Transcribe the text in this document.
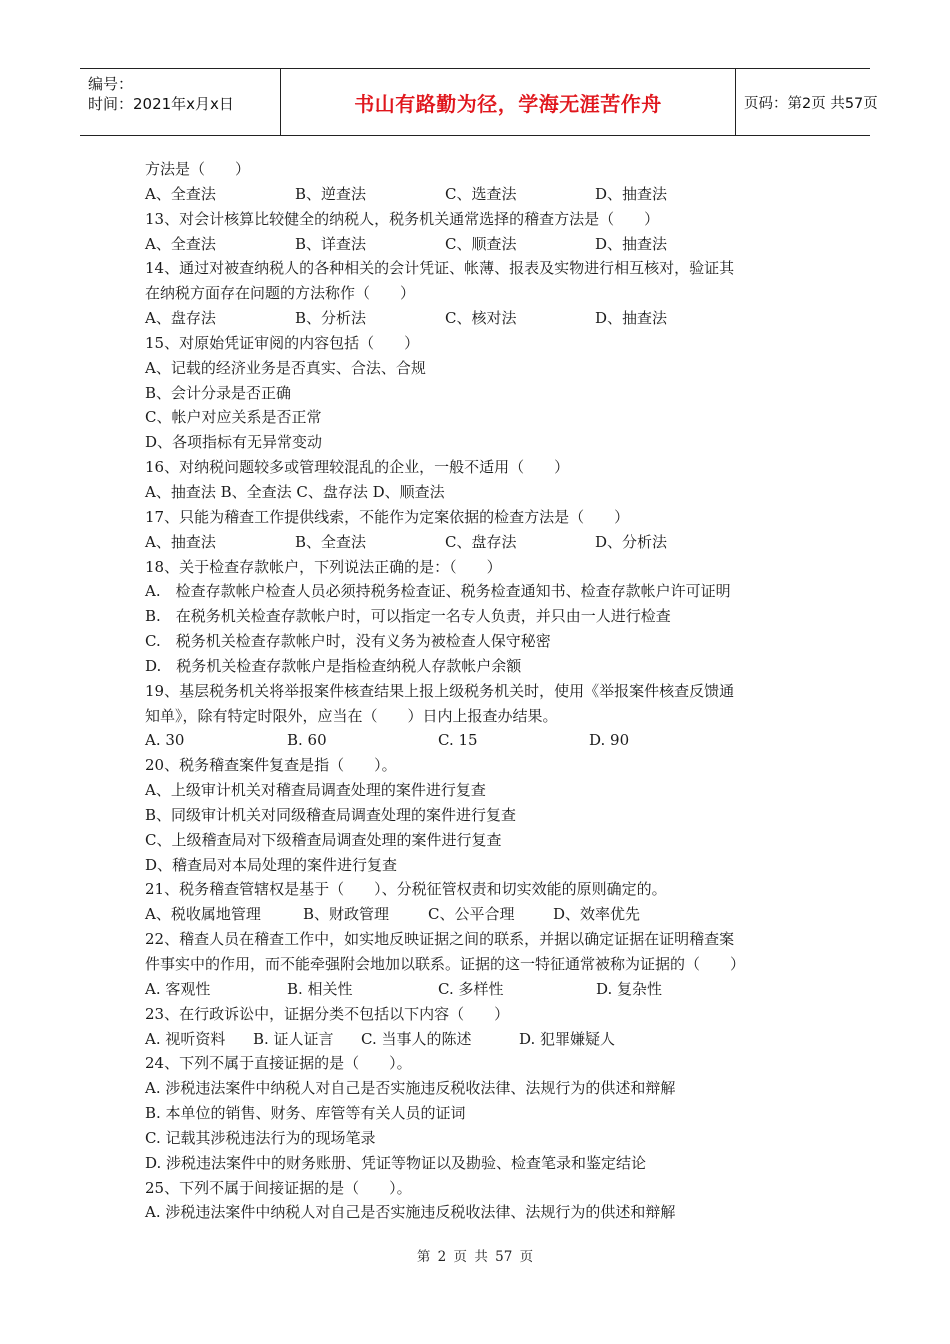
编号：
时间：2021年x月x日	书山有路勤为径，学海无涯苦作舟	页码：第2页 共57页
方法是（　　）
A、全查法	B、逆查法	C、选查法	D、抽查法
13、对会计核算比较健全的纳税人，税务机关通常选择的稽查方法是（　　）
A、全查法	B、详查法	C、顺查法	D、抽查法
14、通过对被查纳税人的各种相关的会计凭证、帐薄、报表及实物进行相互核对，验证其
在纳税方面存在问题的方法称作（　　）
A、盘存法	B、分析法	C、核对法	D、抽查法
15、对原始凭证审阅的内容包括（　　）
A、记载的经济业务是否真实、合法、合规
B、会计分录是否正确
C、帐户对应关系是否正常
D、各项指标有无异常变动
16、对纳税问题较多或管理较混乱的企业，一般不适用（　　）
A、抽查法 B、全查法 C、盘存法 D、顺查法
17、只能为稽查工作提供线索，不能作为定案依据的检查方法是（　　）
A、抽查法	B、全查法	C、盘存法	D、分析法
18、关于检查存款帐户，下列说法正确的是：（　　）
A.　检查存款帐户检查人员必须持税务检查证、税务检查通知书、检查存款帐户许可证明
B.　在税务机关检查存款帐户时，可以指定一名专人负责，并只由一人进行检查
C.　税务机关检查存款帐户时，没有义务为被检查人保守秘密
D.　税务机关检查存款帐户是指检查纳税人存款帐户余额
19、基层税务机关将举报案件核查结果上报上级税务机关时，使用《举报案件核查反馈通
知单》，除有特定时限外，应当在（　　）日内上报查办结果。
A. 30	B. 60	C. 15	D. 90
20、税务稽查案件复查是指（　　）。
A、上级审计机关对稽查局调查处理的案件进行复查
B、同级审计机关对同级稽查局调查处理的案件进行复查
C、上级稽查局对下级稽查局调查处理的案件进行复查
D、稽查局对本局处理的案件进行复查
21、税务稽查管辖权是基于（　　）、分税征管权责和切实效能的原则确定的。
A、税收属地管理	B、财政管理	C、公平合理	D、效率优先
22、稽查人员在稽查工作中，如实地反映证据之间的联系，并据以确定证据在证明稽查案
件事实中的作用，而不能牵强附会地加以联系。证据的这一特征通常被称为证据的（　　）
A. 客观性	B. 相关性	C. 多样性	D. 复杂性
23、在行政诉讼中，证据分类不包括以下内容（　　）
A. 视听资料	B. 证人证言	C. 当事人的陈述	D. 犯罪嫌疑人
24、下列不属于直接证据的是（　　）。
A. 涉税违法案件中纳税人对自己是否实施违反税收法律、法规行为的供述和辩解
B. 本单位的销售、财务、库管等有关人员的证词
C. 记载其涉税违法行为的现场笔录
D. 涉税违法案件中的财务账册、凭证等物证以及勘验、检查笔录和鉴定结论
25、下列不属于间接证据的是（　　）。
A. 涉税违法案件中纳税人对自己是否实施违反税收法律、法规行为的供述和辩解
第 2 页 共 57 页
